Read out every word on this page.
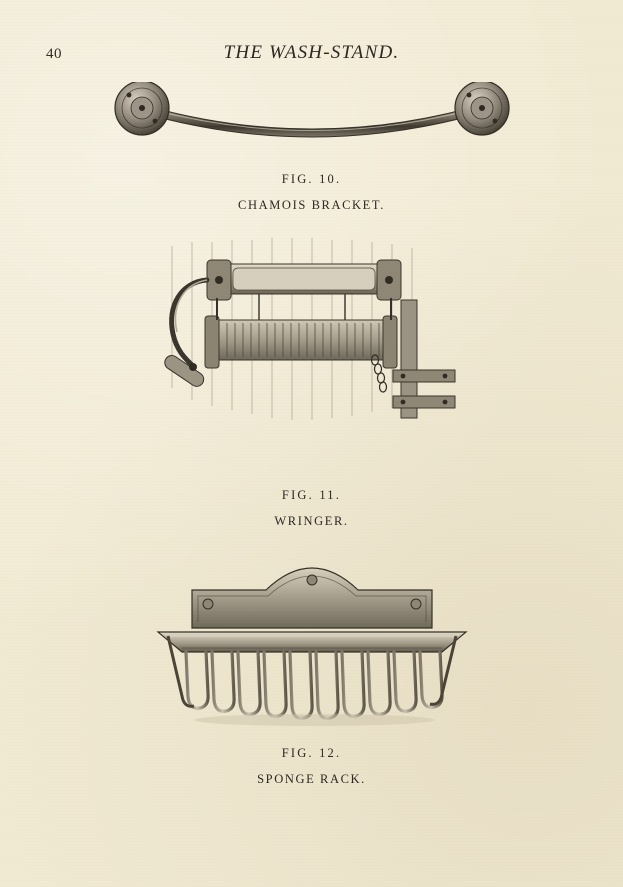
40	THE WASH-STAND.
FIG. 10.
CHAMOIS BRACKET.
FIG. 11.
WRINGER.
FIG. 12.
SPONGE RACK.
